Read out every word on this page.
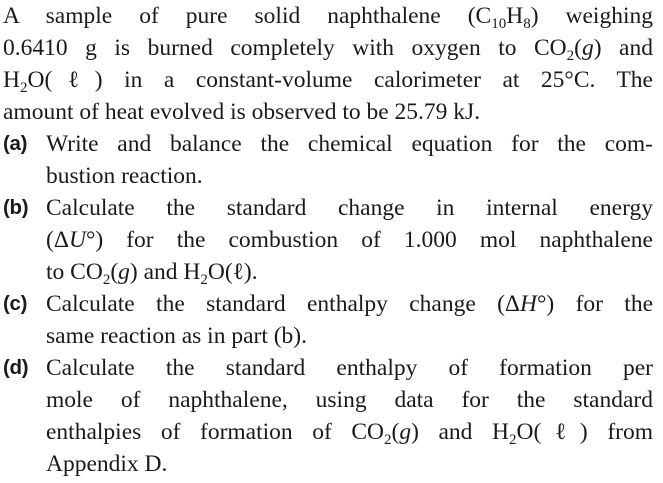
A sample of pure solid naphthalene $(C_{10}H_8)$ weighing

0.6410 g is burned completely with oxygen to $CO_2(g)$ and

$H_2O(\ell)$ in a constant-volume calorimeter at 25°C. The

amount of heat evolved is observed to be 25.79 kJ.

(a) Write and balance the chemical equation for the com-

bustion reaction.

(b) Calculate the standard change in internal energy

(ΔU°) for the combustion of 1.000 mol naphthalene

to $CO_2(g)$ and $H_2O(\ell)$.

(c) Calculate the standard enthalpy change (ΔH°) for the

same reaction as in part (b).

(d) Calculate the standard enthalpy of formation per

mole of naphthalene, using data for the standard

enthalpies of formation of $CO_2(g)$ and $H_2O(\ell)$ from

Appendix D.
